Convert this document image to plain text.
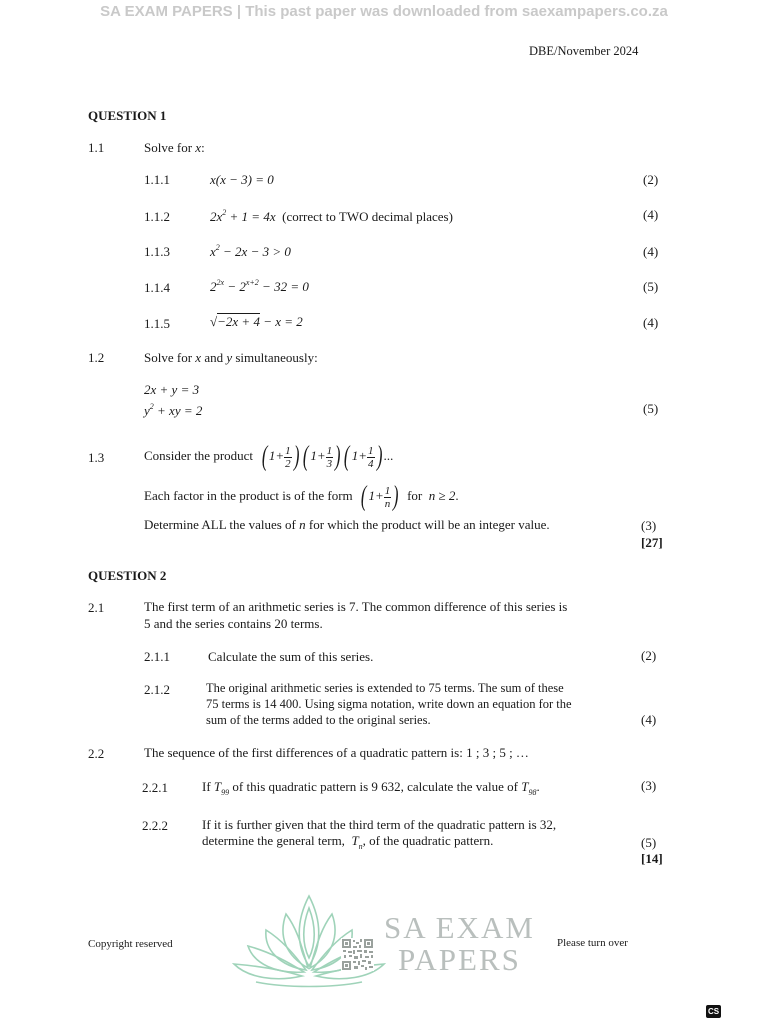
SA EXAM PAPERS | This past paper was downloaded from saexampapers.co.za
DBE/November 2024
QUESTION 1
1.1	Solve for x:
1.1.1	x(x − 3) = 0	(2)
1.1.2	$2x^2 + 1 = 4x$ (correct to TWO decimal places)	(4)
1.1.3	$x^2 - 2x - 3 > 0$	(4)
1.1.4	$2^{2x} - 2^{x+2} - 32 = 0$	(5)
1.1.5	√−2x + 4 − x = 2	(4)
1.2	Solve for x and y simultaneously:
2x + y = 3
$y^2$ + xy = 2	(5)
1.3	Consider the product ( $1+ \frac{1}{2}$ ) ( $1+ \frac{1}{3}$ ) ( $1+ \frac{1}{4}$ ) ...
Each factor in the product is of the form ( $1+ \frac{1}{n}$ ) for n ≥ 2.
Determine ALL the values of n for which the product will be an integer value.	(3)
[27]
QUESTION 2
2.1	The first term of an arithmetic series is 7. The common difference of this series is
5 and the series contains 20 terms.
2.1.1	Calculate the sum of this series.	(2)
2.1.2	The original arithmetic series is extended to 75 terms. The sum of these
75 terms is 14 400. Using sigma notation, write down an equation for the
sum of the terms added to the original series.	(4)
2.2	The sequence of the first differences of a quadratic pattern is: 1 ; 3 ; 5 ; …
2.2.1	If $T_{99}$ of this quadratic pattern is 9 632, calculate the value of $T_{98}$.	(3)
2.2.2	If it is further given that the third term of the quadratic pattern is 32,
determine the general term, $T_n$, of the quadratic pattern.	(5)
[14]
SA EXAM
PAPERS
Copyright reserved	Please turn over
CS
